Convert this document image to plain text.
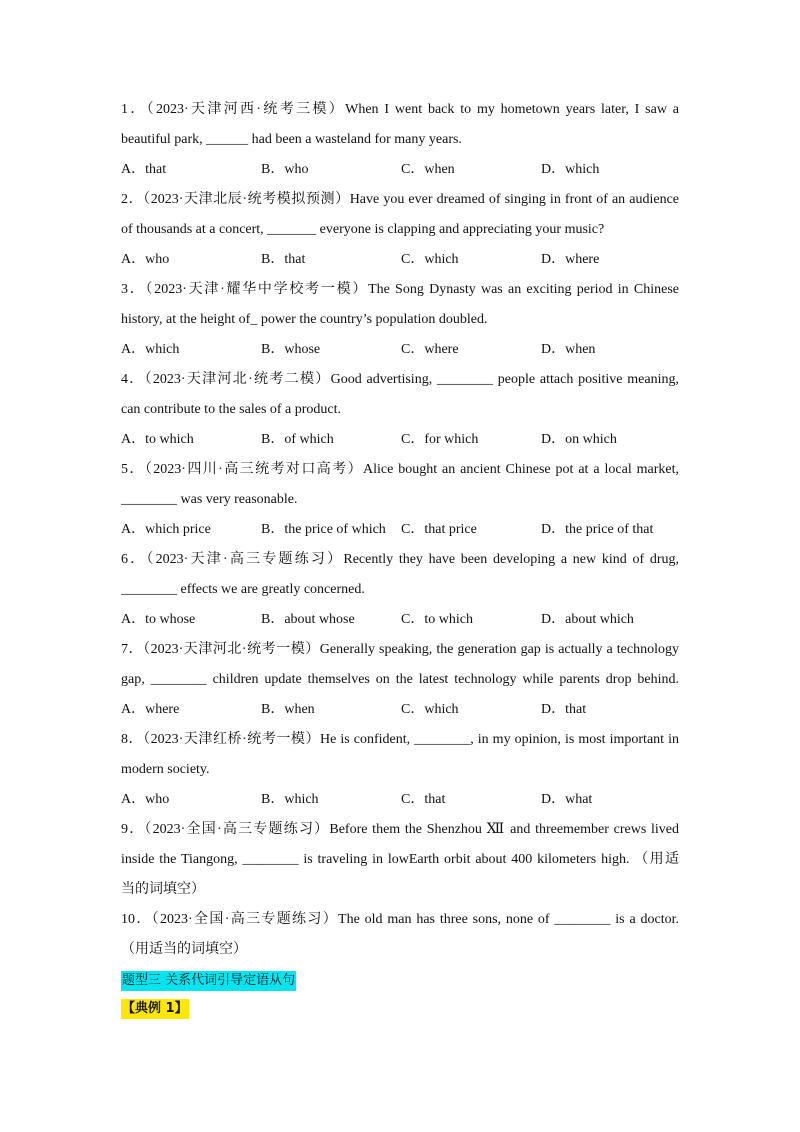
1．（2023·天津河西·统考三模）When I went back to my hometown years later, I saw a
beautiful park, ______ had been a wasteland for many years.
A．that	B．who	C．when	D．which
2．（2023·天津北辰·统考模拟预测）Have you ever dreamed of singing in front of an audience
of thousands at a concert, _______ everyone is clapping and appreciating your music?
A．who	B．that	C．which	D．where
3．（2023·天津·耀华中学校考一模）The Song Dynasty was an exciting period in Chinese
history, at the height of_ power the country’s population doubled.
A．which	B．whose	C．where	D．when
4．（2023·天津河北·统考二模）Good advertising, ________ people attach positive meaning,
can contribute to the sales of a product.
A．to which	B．of which	C．for which	D．on which
5．（2023·四川·高三统考对口高考）Alice bought an ancient Chinese pot at a local market,
________ was very reasonable.
A．which price	B．the price of which	C．that price	D．the price of that
6．（2023·天津·高三专题练习）Recently they have been developing a new kind of drug,
________ effects we are greatly concerned.
A．to whose	B．about whose	C．to which	D．about which
7．（2023·天津河北·统考一模）Generally speaking, the generation gap is actually a technology
gap, ________ children update themselves on the latest technology while parents drop behind.
A．where	B．when	C．which	D．that
8．（2023·天津红桥·统考一模）He is confident, ________, in my opinion, is most important in
modern society.
A．who	B．which	C．that	D．what
9．（2023·全国·高三专题练习）Before them the Shenzhou Ⅻ and threemember crews lived
inside the Tiangong, ________ is traveling in lowEarth orbit about 400 kilometers high. （用适
当的词填空）
10．（2023·全国·高三专题练习）The old man has three sons, none of ________ is a doctor.
（用适当的词填空）
题型三 关系代词引导定语从句
【典例 1】
